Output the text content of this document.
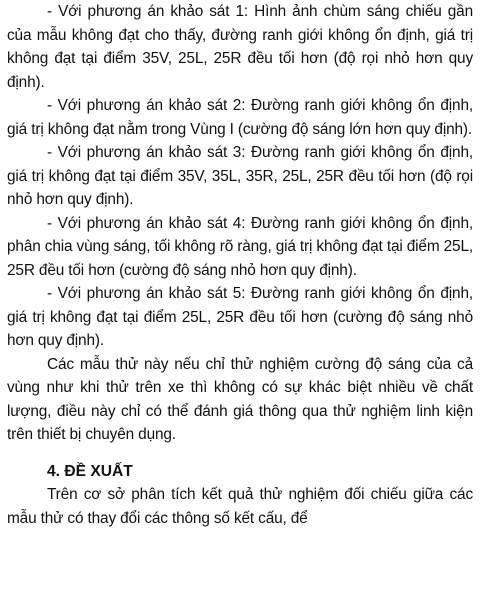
- Với phương án khảo sát 1: Hình ảnh chùm sáng chiếu gần của mẫu không đạt cho thấy, đường ranh giới không ổn định, giá trị không đạt tại điểm 35V, 25L, 25R đều tối hơn (độ rọi nhỏ hơn quy định).

- Với phương án khảo sát 2: Đường ranh giới không ổn định, giá trị không đạt nằm trong Vùng I (cường độ sáng lớn hơn quy định).

- Với phương án khảo sát 3: Đường ranh giới không ổn định, giá trị không đạt tại điểm 35V, 35L, 35R, 25L, 25R đều tối hơn (độ rọi nhỏ hơn quy định).

- Với phương án khảo sát 4: Đường ranh giới không ổn định, phân chia vùng sáng, tối không rõ ràng, giá trị không đạt tại điểm 25L, 25R đều tối hơn (cường độ sáng nhỏ hơn quy định).

- Với phương án khảo sát 5: Đường ranh giới không ổn định, giá trị không đạt tại điểm 25L, 25R đều tối hơn (cường độ sáng nhỏ hơn quy định).

Các mẫu thử này nếu chỉ thử nghiệm cường độ sáng của cả vùng như khi thử trên xe thì không có sự khác biệt nhiều về chất lượng, điều này chỉ có thể đánh giá thông qua thử nghiệm linh kiện trên thiết bị chuyên dụng.

4. ĐỀ XUẤT

Trên cơ sở phân tích kết quả thử nghiệm đối chiếu giữa các mẫu thử có thay đổi các thông số kết cấu, để
